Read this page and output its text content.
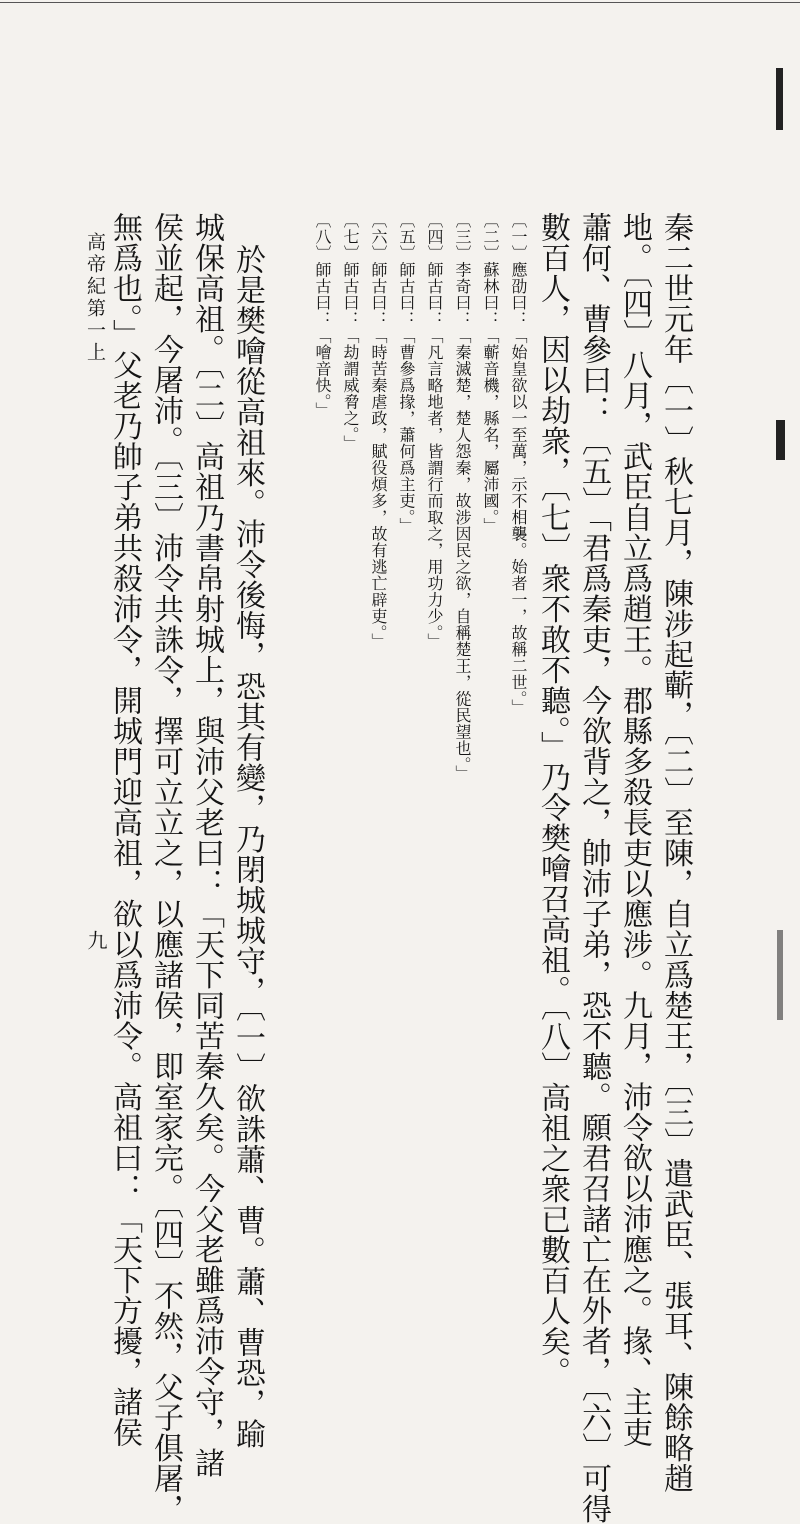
秦二世元年〔一〕秋七月，陳涉起蘄，〔二〕至陳，自立爲楚王，〔三〕遣武臣、張耳、陳餘略趙
地。〔四〕八月，武臣自立爲趙王。郡縣多殺長吏以應涉。九月，沛令欲以沛應之。掾、主吏
蕭何、曹參曰：〔五〕「君爲秦吏，今欲背之，帥沛子弟，恐不聽。願君召諸亡在外者，〔六〕可得
數百人，因以劫衆，〔七〕衆不敢不聽。」乃令樊噲召高祖。〔八〕高祖之衆已數百人矣。
〔一〕應劭曰：「始皇欲以一至萬，示不相襲。始者一，故稱二世。」
〔二〕蘇林曰：「蘄音機，縣名，屬沛國。」
〔三〕李奇曰：「秦滅楚，楚人怨秦，故涉因民之欲，自稱楚王，從民望也。」
〔四〕師古曰：「凡言略地者，皆謂行而取之，用功力少。」
〔五〕師古曰：「曹參爲掾，蕭何爲主吏。」
〔六〕師古曰：「時苦秦虐政，賦役煩多，故有逃亡辟吏。」
〔七〕師古曰：「劫謂威脅之。」
〔八〕師古曰：「噲音快。」
於是樊噲從高祖來。沛令後悔，恐其有變，乃閉城城守，〔一〕欲誅蕭、曹。蕭、曹恐，踰
城保高祖。〔二〕高祖乃書帛射城上，與沛父老曰：「天下同苦秦久矣。今父老雖爲沛令守，諸
侯並起，今屠沛。〔三〕沛令共誅令，擇可立立之，以應諸侯，即室家完。〔四〕不然，父子俱屠，
無爲也。」父老乃帥子弟共殺沛令，開城門迎高祖，欲以爲沛令。高祖曰：「天下方擾，諸侯
高帝紀第一上
九
